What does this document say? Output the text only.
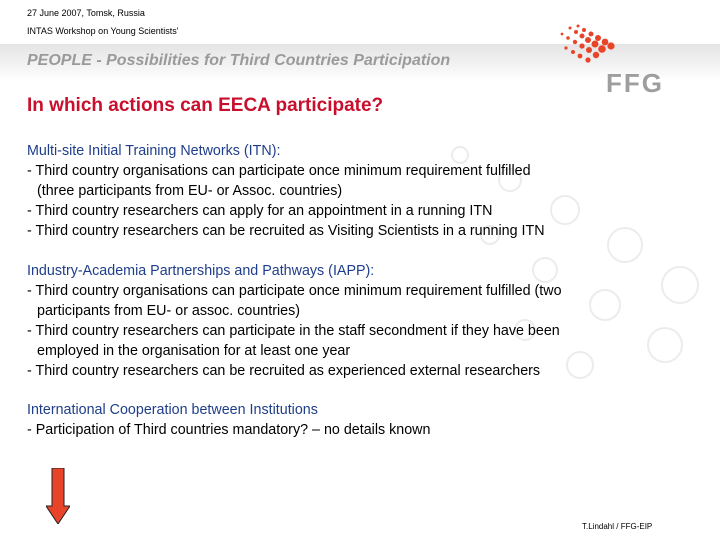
27 June 2007, Tomsk, Russia
INTAS Workshop on Young Scientists'
PEOPLE - Possibilities for Third Countries Participation
FFG
In which actions can EECA participate?

Multi-site Initial Training Networks (ITN):

- Third country organisations can participate once minimum requirement fulfilled

(three participants from EU- or Assoc. countries)

- Third country researchers can apply for an appointment in a running ITN

- Third country researchers can be recruited as Visiting Scientists in a running ITN

Industry-Academia Partnerships and Pathways (IAPP):

- Third country organisations can participate once minimum requirement fulfilled (two

participants from EU- or assoc. countries)

- Third country researchers can participate in the staff secondment if they have been

employed in the organisation for at least one year

- Third country researchers can be recruited as experienced external researchers

International Cooperation between Institutions

- Participation of Third countries mandatory? – no details known

T.Lindahl / FFG-EIP
